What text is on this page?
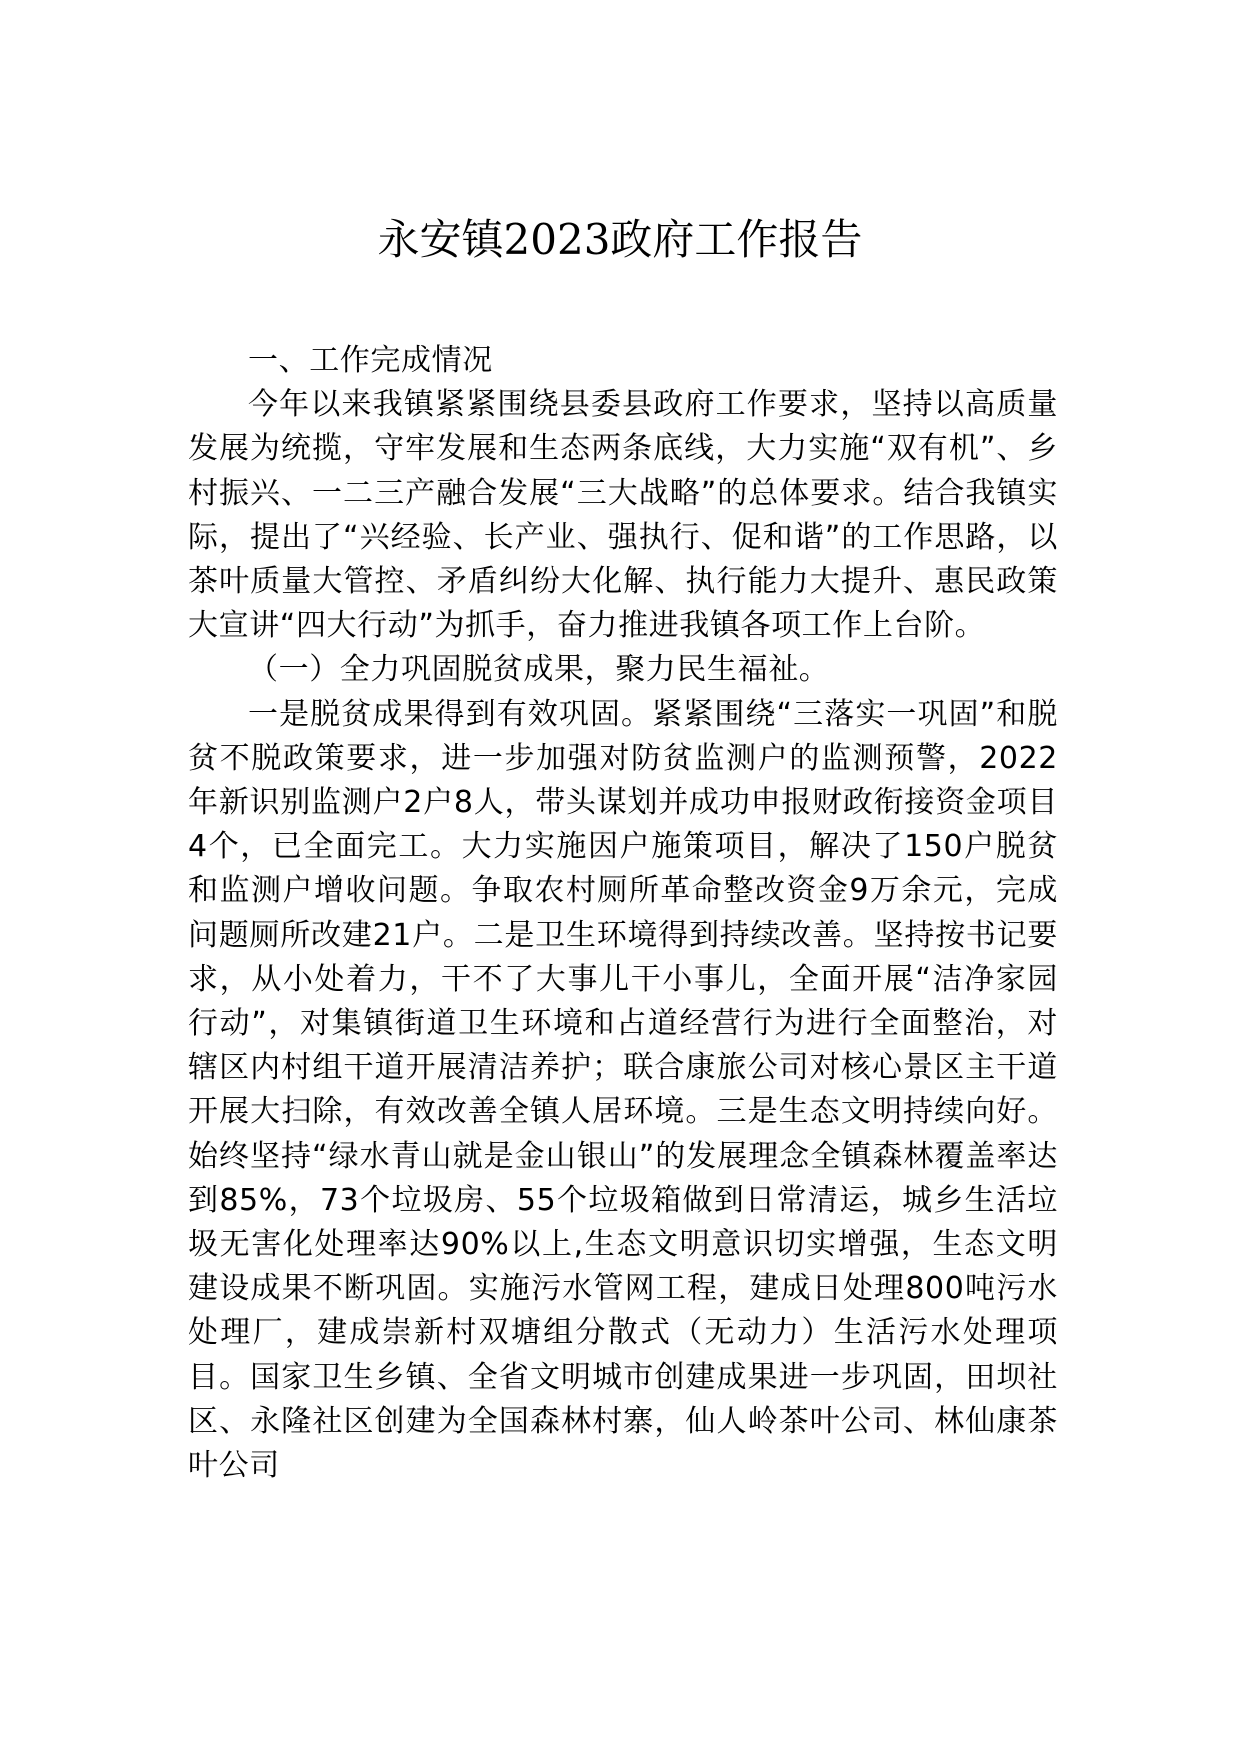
永安镇2023政府工作报告

一、工作完成情况

今年以来我镇紧紧围绕县委县政府工作要求，坚持以高质量发展为统揽，守牢发展和生态两条底线，大力实施“双有机”、乡村振兴、一二三产融合发展“三大战略”的总体要求。结合我镇实际，提出了“兴经验、长产业、强执行、促和谐”的工作思路，以茶叶质量大管控、矛盾纠纷大化解、执行能力大提升、惠民政策大宣讲“四大行动”为抓手，奋力推进我镇各项工作上台阶。

（一）全力巩固脱贫成果，聚力民生福祉。

一是脱贫成果得到有效巩固。紧紧围绕“三落实一巩固”和脱贫不脱政策要求，进一步加强对防贫监测户的监测预警，2022年新识别监测户2户8人，带头谋划并成功申报财政衔接资金项目4个，已全面完工。大力实施因户施策项目，解决了150户脱贫和监测户增收问题。争取农村厕所革命整改资金9万余元，完成问题厕所改建21户。二是卫生环境得到持续改善。坚持按书记要求，从小处着力，干不了大事儿干小事儿，全面开展“洁净家园行动”，对集镇街道卫生环境和占道经营行为进行全面整治，对辖区内村组干道开展清洁养护；联合康旅公司对核心景区主干道开展大扫除，有效改善全镇人居环境。三是生态文明持续向好。始终坚持“绿水青山就是金山银山”的发展理念全镇森林覆盖率达到85%，73个垃圾房、55个垃圾箱做到日常清运，城乡生活垃圾无害化处理率达90%以上,生态文明意识切实增强，生态文明建设成果不断巩固。实施污水管网工程，建成日处理800吨污水处理厂，建成崇新村双塘组分散式（无动力）生活污水处理项目。国家卫生乡镇、全省文明城市创建成果进一步巩固，田坝社区、永隆社区创建为全国森林村寨，仙人岭茶叶公司、林仙康茶叶公司
